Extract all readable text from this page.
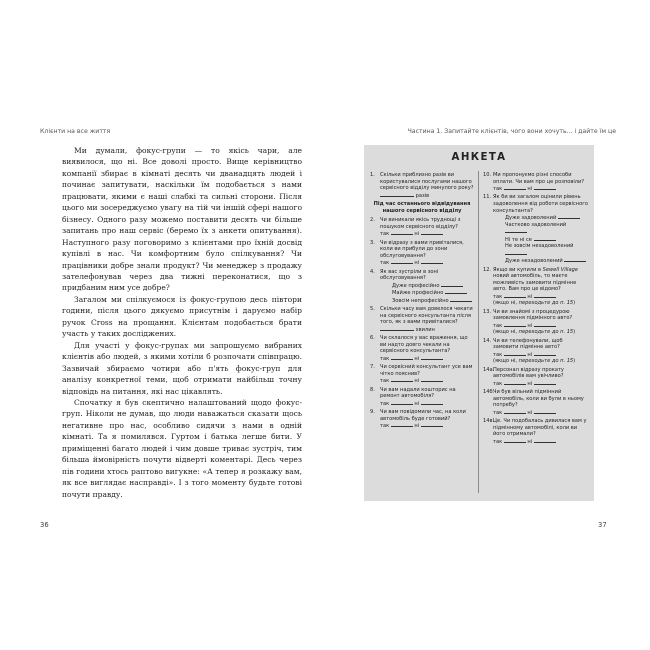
Клієнти на все життя	Частина 1. Запитайте клієнтів, чого вони хочуть... і дайте їм це

Ми думали, фокус-групи — то якісь чари, але виявилося, що ні. Все доволі просто. Вище керівництво компанії збирає в кімнаті десять чи дванадцять людей і починає запитувати, наскільки їм подобається з нами працювати, якими є наші слабкі та сильні сторони. Після цього ми зосереджуємо увагу на тій чи іншій сфері нашого бізнесу. Одного разу можемо поставити десять чи більше запитань про наш сервіс (беремо їх з анкети опитування). Наступного разу поговоримо з клієнтами про їхній досвід купівлі в нас. Чи комфортним було спілкування? Чи працівники добре знали продукт? Чи менеджер з продажу зателефонував через два тижні переконатися, що з придбаним ним усе добре?

Загалом ми спілкуємося із фокус-групою десь півтори години, після цього дякуємо присутнім і даруємо набір ручок Cross на прощання. Клієнтам подобається брати участь у таких досліджених.

Для участі у фокус-групах ми запрошуємо вибраних клієнтів або людей, з якими хотіли б розпочати співпрацю. Зазвичай збираємо чотири або п'ять фокус-груп для аналізу конкретної теми, щоб отримати найбільш точну відповідь на питання, які нас цікавлять.

Спочатку я був скептично налаштований щодо фокус-груп. Ніколи не думав, що люди наважаться сказати щось негативне про нас, особливо сидячи з нами в одній кімнаті. Та я помилявся. Гуртом і батька легше бити. У приміщенні багато людей і чим довше триває зустріч, тим більша ймовірність почути відверті коментарі. Десь через пів години хтось раптово вигукне: «А тепер я розкажу вам, як все виглядає насправді». І з того моменту будьте готові почути правду.

АНКЕТА
1. Скільки приблизно разів ви користувалися послугами нашого сервісного відділу минулого року?
разів
Під час останнього відвідування нашого сервісного відділу
2. Чи виникали якісь труднощі з пошуком сервісного відділу?
так	ні
3. Чи відразу з вами привіталися, коли ви прибули до зони обслуговування?
так	ні
4. Як вас зустріли в зоні обслуговування?
Дуже професійно
Майже професійно
Зовсім непрофесійно
5. Скільки часу вам довелося чекати на сервісного консультанта після того, як з вами привіталися?
хвилин
6. Чи склалося у вас враження, що ви надто довго чекали на сервісного консультанта?
так	ні
7. Чи сервісний консультант усе вам чітко пояснив?
так	ні
8. Чи вам надали кошторис на ремонт автомобіля?
так	ні
9. Чи вам повідомили час, на коли автомобіль буде готовий?
так	ні
10. Ми пропонуємо різні способи оплати. Чи вам про це розповіли?
так	ні
11. Як би ви загалом оцінили рівень задоволення від роботи сервісного консультанта?
Дуже задоволений
Частково задоволений
Ні те ні се
Не зовсім незадоволений
Дуже незадоволений
12. Якщо ви купили в Sewell Village новий автомобіль, то маєте можливість замовити підмінне авто. Вам про це відомо?
так	ні
(якщо ні, переходьте до п. 15)
13. Чи ви знайомі з процедурою замовлення підмінного авто?
так	ні
(якщо ні, переходьте до п. 15)
14. Чи ви телефонували, щоб замовити підмінне авто?
так	ні
(якщо ні, переходьте до п. 15)
14а.
Персонал відразу прокату автомобілів вам увічливо?
так	ні
14б.
Чи був вільний підмінний автомобіль, коли ви були в ньому потребу?
так	ні
14в.
Це. Чи подобалась дивилася вам у підмінному автомобілі, коли ви його отримали?
так	ні
36	37
